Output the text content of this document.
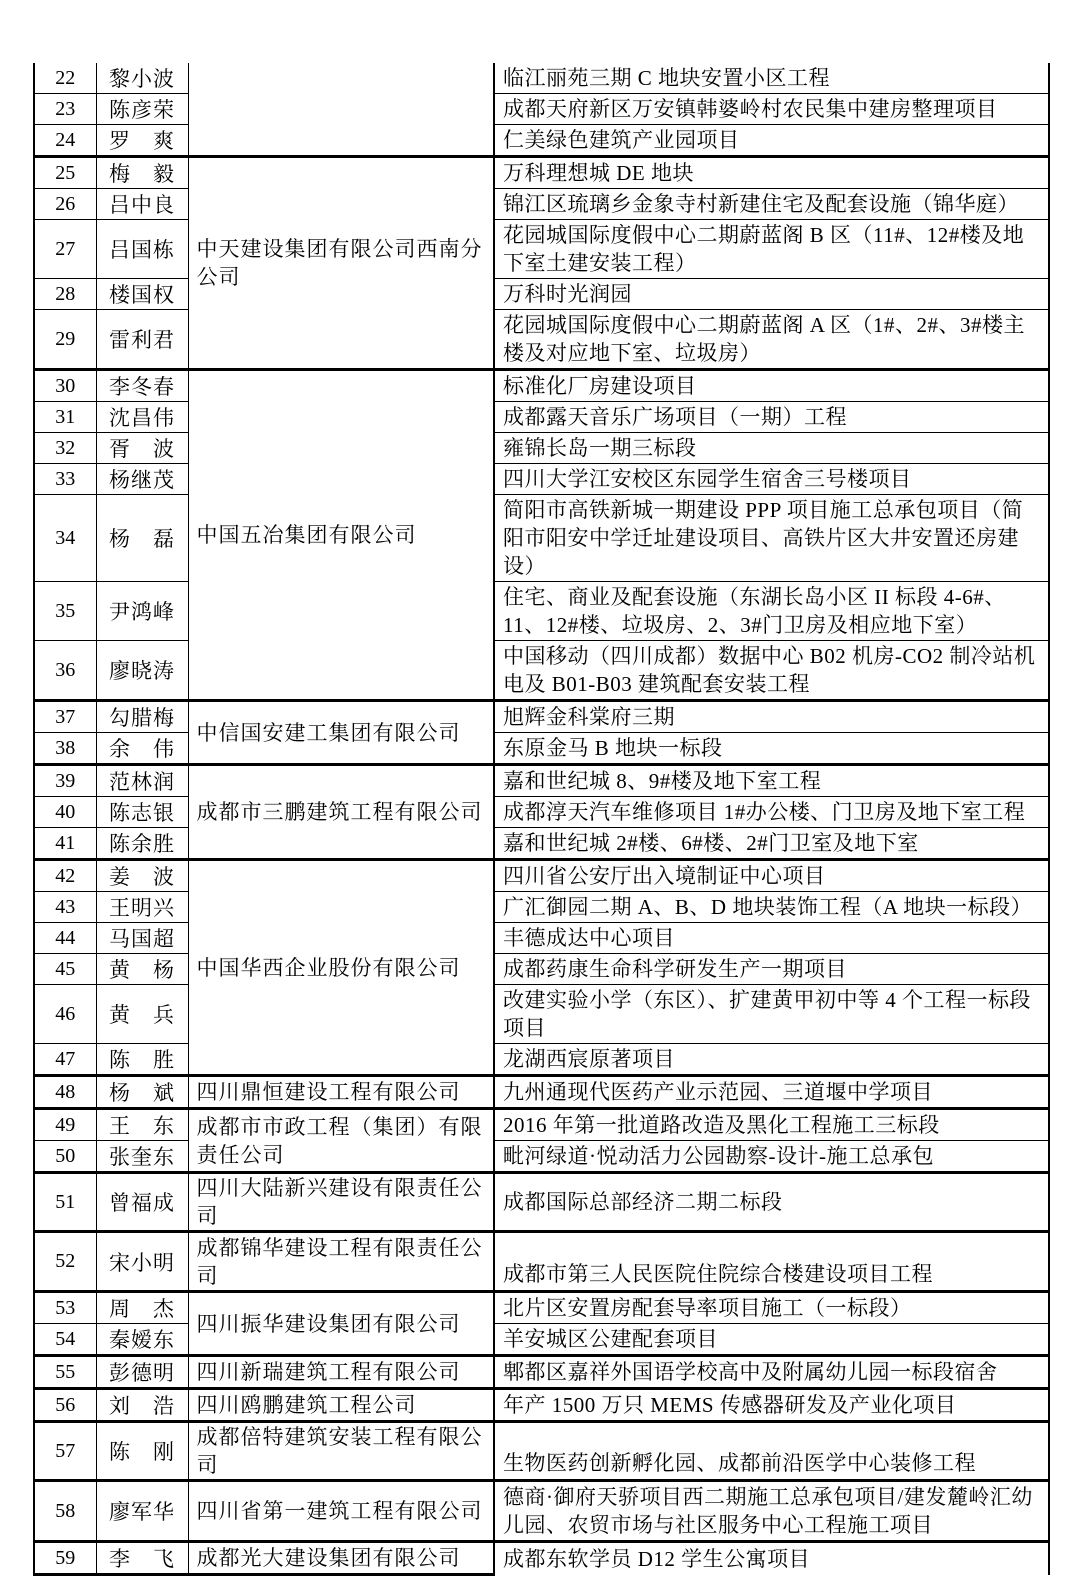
22	黎小波		临江丽苑三期 C 地块安置小区工程
23	陈彦荣		成都天府新区万安镇韩婆岭村农民集中建房整理项目
24	罗　爽		仁美绿色建筑产业园项目
25	梅　毅	中天建设集团有限公司西南分公司	万科理想城 DE 地块
26	吕中良		锦江区琉璃乡金象寺村新建住宅及配套设施（锦华庭）
27	吕国栋		花园城国际度假中心二期蔚蓝阁 B 区（11#、12#楼及地下室土建安装工程）
28	楼国权		万科时光润园
29	雷利君		花园城国际度假中心二期蔚蓝阁 A 区（1#、2#、3#楼主楼及对应地下室、垃圾房）
30	李冬春	中国五冶集团有限公司	标准化厂房建设项目
31	沈昌伟		成都露天音乐广场项目（一期）工程
32	胥　波		雍锦长岛一期三标段
33	杨继茂		四川大学江安校区东园学生宿舍三号楼项目
34	杨　磊		简阳市高铁新城一期建设 PPP 项目施工总承包项目（简阳市阳安中学迁址建设项目、高铁片区大井安置还房建设）
35	尹鸿峰		住宅、商业及配套设施（东湖长岛小区 II 标段 4-6#、11、12#楼、垃圾房、2、3#门卫房及相应地下室）
36	廖晓涛		中国移动（四川成都）数据中心 B02 机房-CO2 制冷站机电及 B01-B03 建筑配套安装工程
37	勾腊梅	中信国安建工集团有限公司	旭辉金科棠府三期
38	余　伟		东原金马 B 地块一标段
39	范林润	成都市三鹏建筑工程有限公司	嘉和世纪城 8、9#楼及地下室工程
40	陈志银		成都淳天汽车维修项目 1#办公楼、门卫房及地下室工程
41	陈余胜		嘉和世纪城 2#楼、6#楼、2#门卫室及地下室
42	姜　波	中国华西企业股份有限公司	四川省公安厅出入境制证中心项目
43	王明兴		广汇御园二期 A、B、D 地块装饰工程（A 地块一标段）
44	马国超		丰德成达中心项目
45	黄　杨		成都药康生命科学研发生产一期项目
46	黄　兵		改建实验小学（东区）、扩建黄甲初中等 4 个工程一标段项目
47	陈　胜		龙湖西宸原著项目
48	杨　斌	四川鼎恒建设工程有限公司	九州通现代医药产业示范园、三道堰中学项目
49	王　东	成都市市政工程（集团）有限责任公司	2016 年第一批道路改造及黑化工程施工三标段
50	张奎东		毗河绿道·悦动活力公园勘察-设计-施工总承包
51	曾福成	四川大陆新兴建设有限责任公司	成都国际总部经济二期二标段
52	宋小明	成都锦华建设工程有限责任公司	成都市第三人民医院住院综合楼建设项目工程
53	周　杰	四川振华建设集团有限公司	北片区安置房配套导率项目施工（一标段）
54	秦嫒东		羊安城区公建配套项目
55	彭德明	四川新瑞建筑工程有限公司	郫都区嘉祥外国语学校高中及附属幼儿园一标段宿舍
56	刘　浩	四川鸥鹏建筑工程公司	年产 1500 万只 MEMS 传感器研发及产业化项目
57	陈　刚	成都倍特建筑安装工程有限公司	生物医药创新孵化园、成都前沿医学中心装修工程
58	廖军华	四川省第一建筑工程有限公司	德商·御府天骄项目西二期施工总承包项目/建发麓岭汇幼儿园、农贸市场与社区服务中心工程施工项目
59	李　飞	成都光大建设集团有限公司	成都东软学员 D12 学生公寓项目
